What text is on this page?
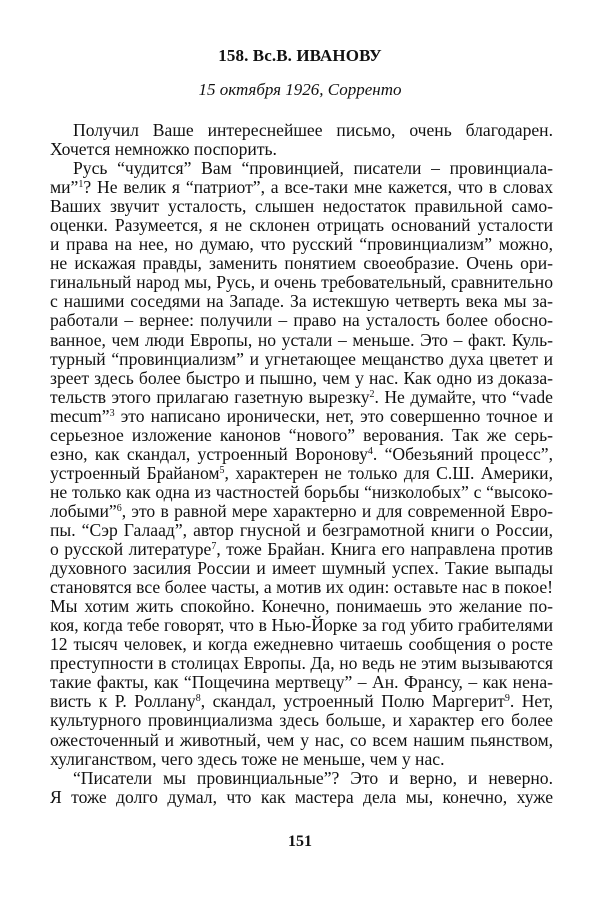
158. Вс.В. ИВАНОВУ
15 октября 1926, Сорренто
Получил Ваше интереснейшее письмо, очень благодарен.
Хочется немножко поспорить.
Русь “чудится” Вам “провинцией, писатели – провинциала-
ми”$^1$? Не велик я “патриот”, а все-таки мне кажется, что в словах
Ваших звучит усталость, слышен недостаток правильной само-
оценки. Разумеется, я не склонен отрицать оснований усталости
и права на нее, но думаю, что русский “провинциализм” можно,
не искажая правды, заменить понятием своеобразие. Очень ори-
гинальный народ мы, Русь, и очень требовательный, сравнительно
с нашими соседями на Западе. За истекшую четверть века мы за-
работали – вернее: получили – право на усталость более обосно-
ванное, чем люди Европы, но устали – меньше. Это – факт. Куль-
турный “провинциализм” и угнетающее мещанство духа цветет и
зреет здесь более быстро и пышно, чем у нас. Как одно из доказа-
тельств этого прилагаю газетную вырезку$^2$. Не думайте, что “vade
mecum”$^3$ это написано иронически, нет, это совершенно точное и
серьезное изложение канонов “нового” верования. Так же серь-
езно, как скандал, устроенный Воронову$^4$. “Обезьяний процесс”,
устроенный Брайаном$^5$, характерен не только для С.Ш. Америки,
не только как одна из частностей борьбы “низколобых” с “высоко-
лобыми”$^6$, это в равной мере характерно и для современной Евро-
пы. “Сэр Галаад”, автор гнусной и безграмотной книги о России,
о русской литературе$^7$, тоже Брайан. Книга его направлена против
духовного засилия России и имеет шумный успех. Такие выпады
становятся все более часты, а мотив их один: оставьте нас в покое!
Мы хотим жить спокойно. Конечно, понимаешь это желание по-
коя, когда тебе говорят, что в Нью-Йорке за год убито грабителями
12 тысяч человек, и когда ежедневно читаешь сообщения о росте
преступности в столицах Европы. Да, но ведь не этим вызываются
такие факты, как “Пощечина мертвецу” – Ан. Франсу, – как нена-
висть к Р. Роллану$^8$, скандал, устроенный Полю Маргерит$^9$. Нет,
культурного провинциализма здесь больше, и характер его более
ожесточенный и животный, чем у нас, со всем нашим пьянством,
хулиганством, чего здесь тоже не меньше, чем у нас.
“Писатели мы провинциальные”? Это и верно, и неверно.
Я тоже долго думал, что как мастера дела мы, конечно, хуже
151
